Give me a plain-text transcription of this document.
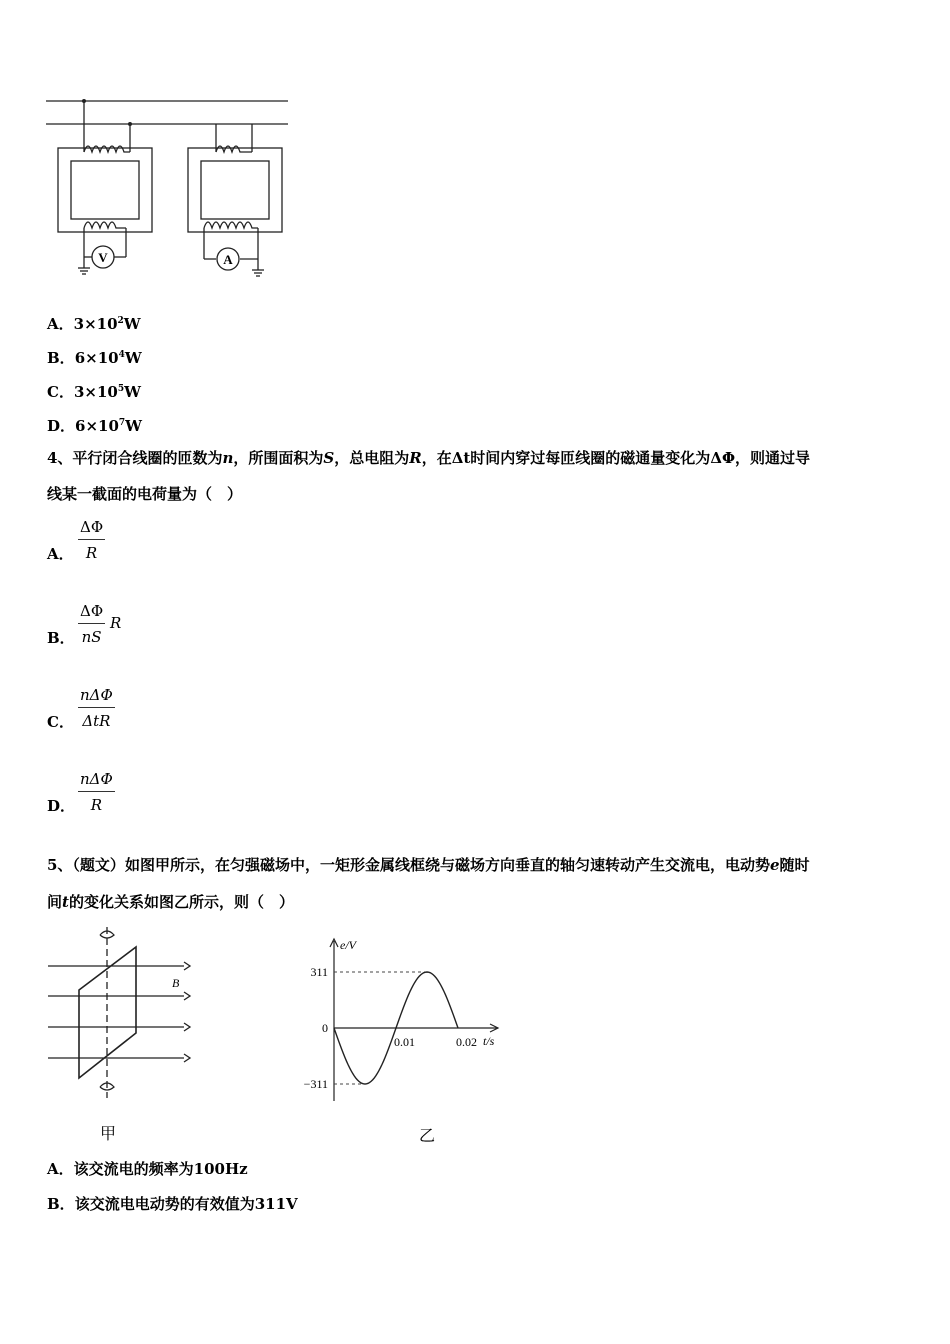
V	A
A．$3\times 10^2W$
B．$6\times 10^4W$
C．$3\times 10^5W$
D．$6\times 10^7W$
4、平行闭合线圈的匝数为n，所围面积为S，总电阻为R，在Δt时间内穿过每匝线圈的磁通量变化为ΔΦ，则通过导
线某一截面的电荷量为（　）
A． $\frac{\Delta\Phi}{R}$
B． $\frac{\Delta\Phi}{nS}$ R
C．
nΔΦ
ΔtR
D．
nΔΦ
R
5、（题文）如图甲所示，在匀强磁场中，一矩形金属线框绕与磁场方向垂直的轴匀速转动产生交流电，电动势e随时
间t的变化关系如图乙所示，则（　）
B
甲
311
0
−311
0.01	0.02
e/V
t/s
乙
A．该交流电的频率为100Hz
B．该交流电电动势的有效值为311V
